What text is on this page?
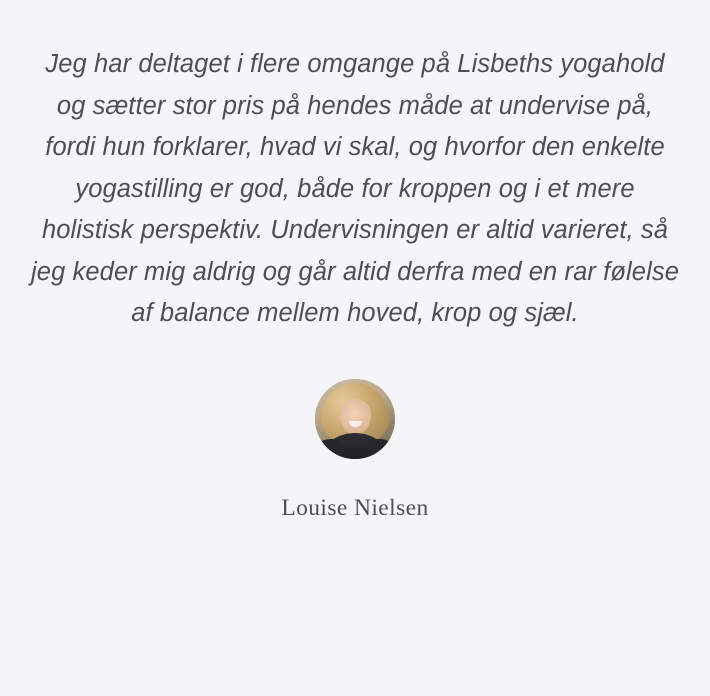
Jeg har deltaget i flere omgange på Lisbeths yogahold og sætter stor pris på hendes måde at undervise på, fordi hun forklarer, hvad vi skal, og hvorfor den enkelte yogastilling er god, både for kroppen og i et mere holistisk perspektiv. Undervisningen er altid varieret, så jeg keder mig aldrig og går altid derfra med en rar følelse af balance mellem hoved, krop og sjæl.

Louise Nielsen
